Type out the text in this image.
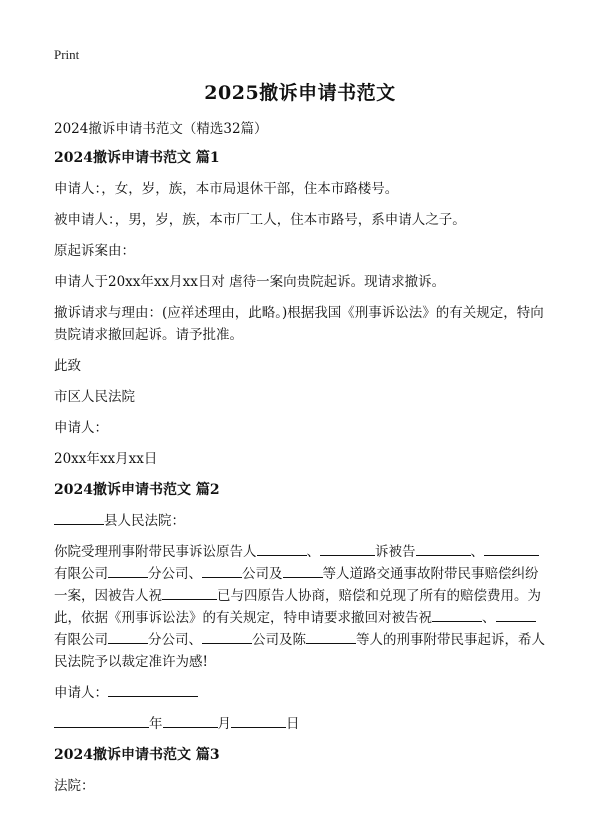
Print
2025撤诉申请书范文
2024撤诉申请书范文（精选32篇）
2024撤诉申请书范文 篇1
申请人：，女，岁，族，本市局退休干部，住本市路楼号。
被申请人：，男，岁，族，本市厂工人，住本市路号，系申请人之子。
原起诉案由：
申请人于20xx年xx月xx日对 虐待一案向贵院起诉。现请求撤诉。
撤诉请求与理由：(应祥述理由，此略。)根据我国《刑事诉讼法》的有关规定，特向贵院请求撤回起诉。请予批准。
此致
市区人民法院
申请人：
20xx年xx月xx日
2024撤诉申请书范文 篇2
县人民法院：
你院受理刑事附带民事诉讼原告人	、	诉被告	、有限公司	分公司、	公司及	等人道路交通事故附带民事赔偿纠纷一案，因被告人祝	已与四原告人协商，赔偿和兑现了所有的赔偿费用。为此，依据《刑事诉讼法》的有关规定，特申请要求撤回对被告祝	、有限公司	分公司、	公司及陈	等人的刑事附带民事起诉，希人民法院予以裁定准许为感!
申请人：
年	月	日
2024撤诉申请书范文 篇3
法院：
